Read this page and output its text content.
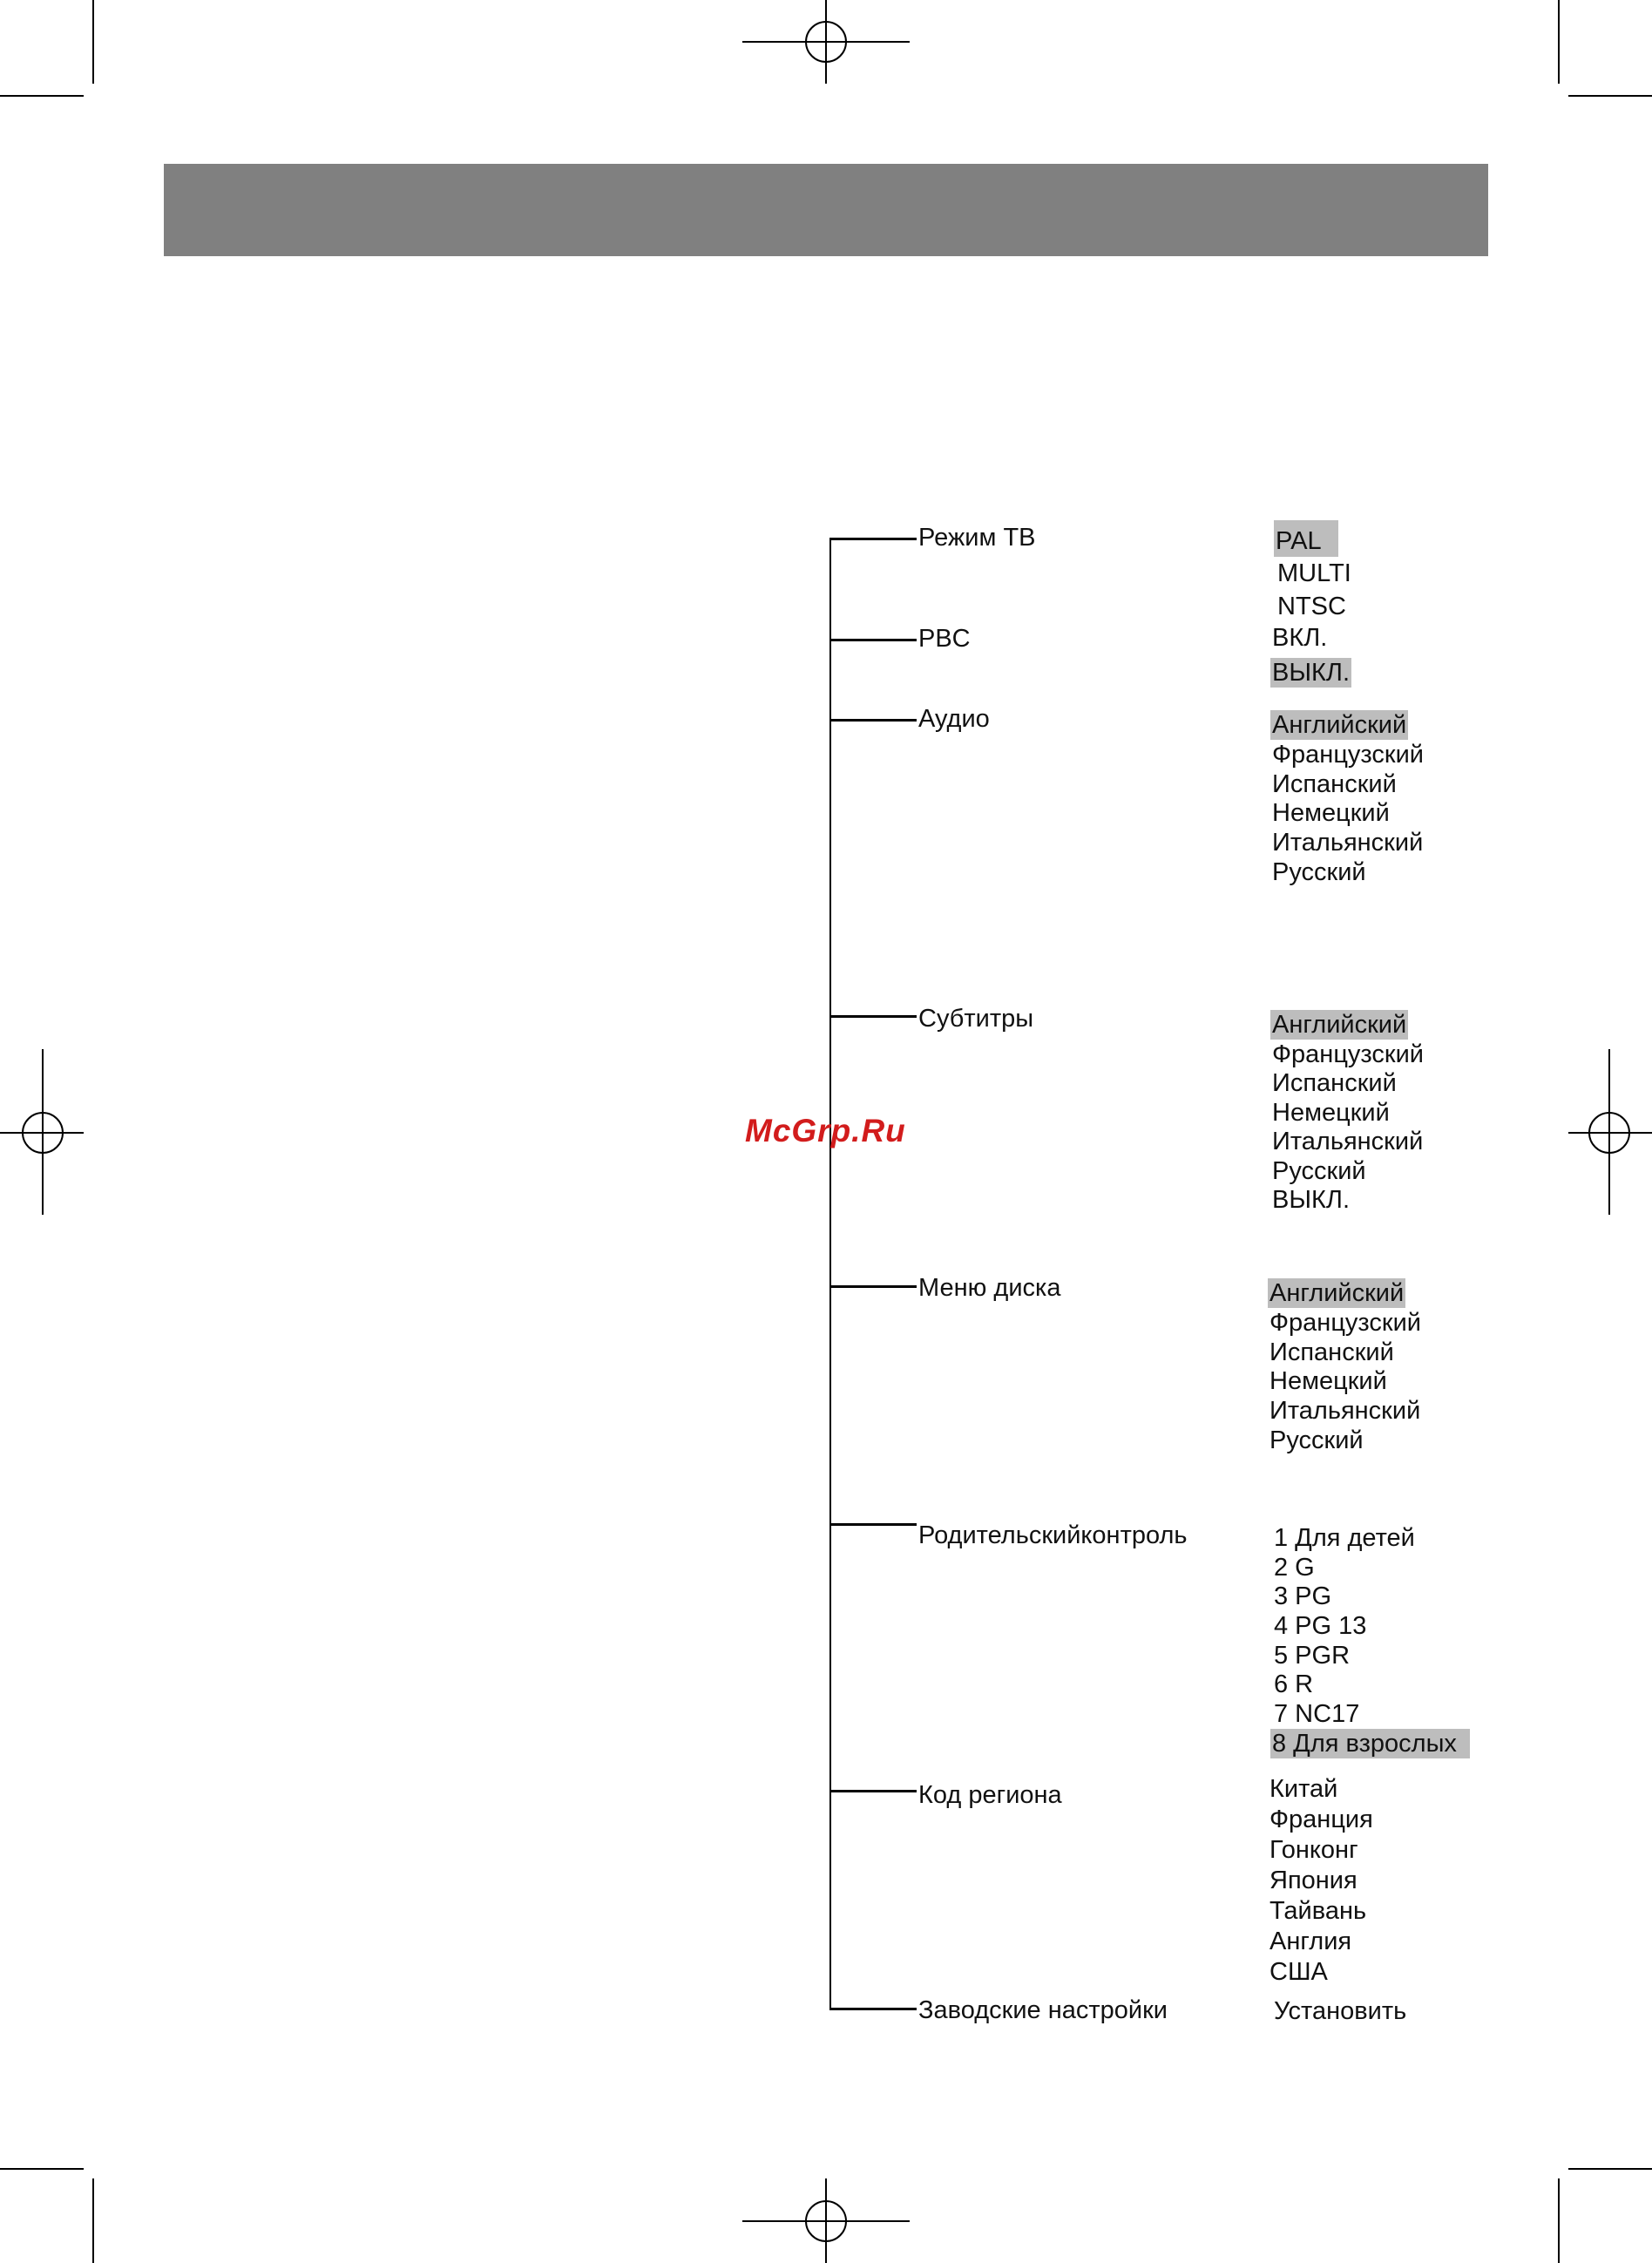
Режим ТВ
PBC
Аудио
Субтитры
Меню диска
Родительскийконтроль
Код региона
Заводские настройки
PAL
MULTI
NTSC
ВКЛ.
ВЫКЛ.
Английский
Французский
Испанский
Немецкий
Итальянский
Русский
Английский
Французский
Испанский
Немецкий
Итальянский
Русский
ВЫКЛ.
Английский
Французский
Испанский
Немецкий
Итальянский
Русский
1 Для детей
2 G
3 PG
4 PG 13
5 PGR
6 R
7 NC17
8 Для взрослых
Китай
Франция
Гонконг
Япония
Тайвань
Англия
США
Установить
McGrp.Ru
